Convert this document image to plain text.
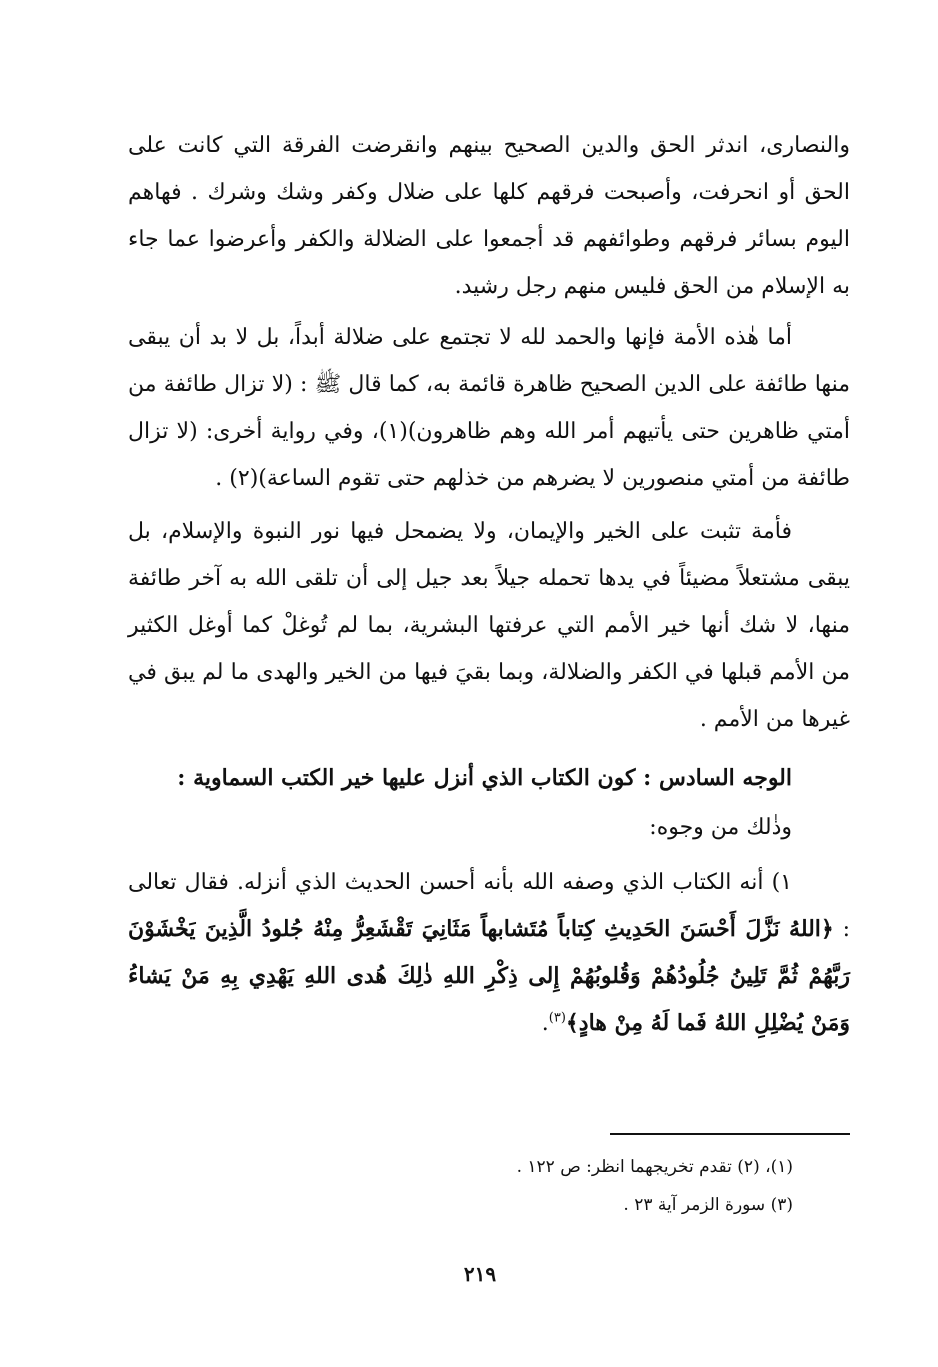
والنصارى، اندثر الحق والدين الصحيح بينهم وانقرضت الفرقة التي كانت على الحق أو انحرفت، وأصبحت فرقهم كلها على ضلال وكفر وشك وشرك . فهاهم اليوم بسائر فرقهم وطوائفهم قد أجمعوا على الضلالة والكفر وأعرضوا عما جاء به الإسلام من الحق فليس منهم رجل رشيد.

أما هٰذه الأمة فإنها والحمد لله لا تجتمع على ضلالة أبداً، بل لا بد أن يبقى منها طائفة على الدين الصحيح ظاهرة قائمة به، كما قال ﷺ : (لا تزال طائفة من أمتي ظاهرين حتى يأتيهم أمر الله وهم ظاهرون)(١)، وفي رواية أخرى: (لا تزال طائفة من أمتي منصورين لا يضرهم من خذلهم حتى تقوم الساعة)(٢) .

فأمة تثبت على الخير والإيمان، ولا يضمحل فيها نور النبوة والإسلام، بل يبقى مشتعلاً مضيئاً في يدها تحمله جيلاً بعد جيل إلى أن تلقى الله به آخر طائفة منها، لا شك أنها خير الأمم التي عرفتها البشرية، بما لم تُوغلْ كما أوغل الكثير من الأمم قبلها في الكفر والضلالة، وبما بقيَ فيها من الخير والهدى ما لم يبق في غيرها من الأمم .

الوجه السادس : كون الكتاب الذي أنزل عليها خير الكتب السماوية :

وذٰلك من وجوه:

١) أنه الكتاب الذي وصفه الله بأنه أحسن الحديث الذي أنزله. فقال تعالى : ﴿اللهُ نَزَّلَ أَحْسَنَ الحَدِيثِ كِتاباً مُتَشابهاً مَثَانِيَ تَقْشَعِرُّ مِنْهُ جُلودُ الَّذِينَ يَخْشَوْنَ رَبَّهُمْ ثُمَّ تَلِينُ جُلُودُهُمْ وَقُلوبُهُمْ إِلى ذِكْرِ اللهِ ذٰلِكَ هُدى اللهِ يَهْدِي بِهِ مَنْ يَشاءُ وَمَنْ يُضْلِلِ اللهُ فَما لَهُ مِنْ هادٍ﴾$^{(٣)}$.

(١)، (٢) تقدم تخريجهما انظر: ص ١٢٢ .

(٣) سورة الزمر آية ٢٣ .

٢١٩
